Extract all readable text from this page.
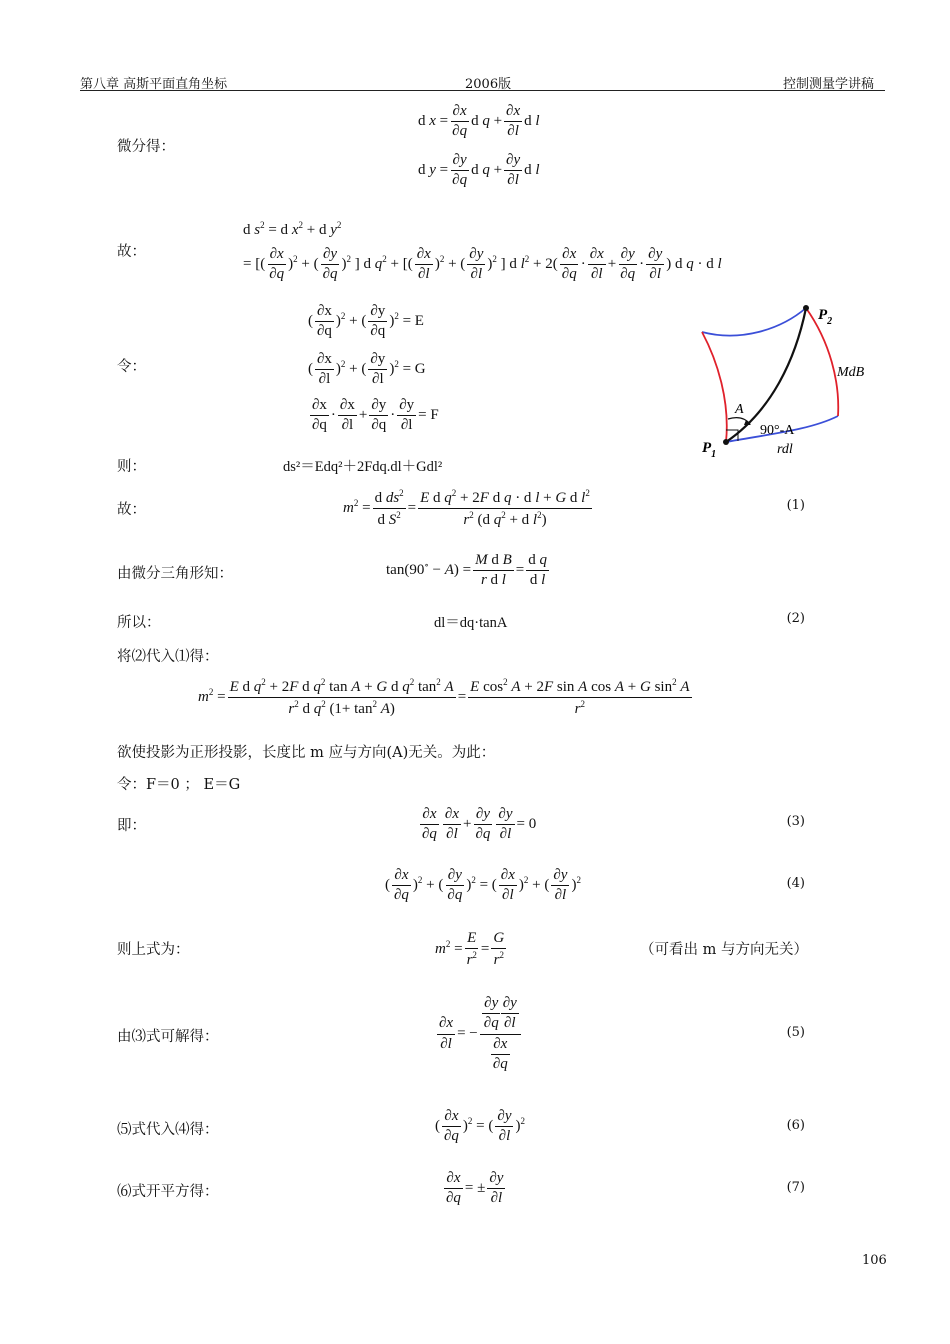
第八章 高斯平面直角坐标	2006版	控制测量学讲稿
微分得：
d $x = \frac{\partial x}{\partial q}$ d $q + \frac{\partial x}{\partial l}$ d l
d $y = \frac{\partial y}{\partial q}$ d $q + \frac{\partial y}{\partial l}$ d l
故：
d $s^2 = d$ $x^2 + d$ $y^2$
= [( $\frac{\partial x}{\partial q} )^2$ + ( $\frac{\partial y}{\partial q} )^2$ ] d $q^2$ + [( $\frac{\partial x}{\partial l} )^2$ + ( $\frac{\partial y}{\partial l} )^2$ ] d $l^2 + 2( \frac{\partial x}{\partial q} \cdot \frac{\partial x}{\partial l} + \frac{\partial y}{\partial q} \cdot \frac{\partial y}{\partial l}$ ) d q · d l
令：
( $\frac{\partial x}{\partial q} )^2$ + ( $\frac{\partial y}{\partial q} )^2 = E$
( $\frac{\partial x}{\partial l} )^2$ + ( $\frac{\partial y}{\partial l} )^2 = G$
$\frac{\partial x}{\partial q} \cdot \frac{\partial x}{\partial l} + \frac{\partial y}{\partial q} \cdot \frac{\partial y}{\partial l} = F$
$P_2$
$P_1$
A
90°-A
MdB
rdl
则：	ds²＝Edq²＋2Fdq.dl＋Gdl²
故：	$m^2 = \frac{d ds^2}{d S^2} = \frac{E d q^2 + 2F d q \cdot d l + G d l^2}{r^2 (d q^2 + d l^2)}$	(1)
由微分三角形知：	$\tan(90^\circ - A) = \frac{\text{M d B}}{\text{r d l}} = \frac{\text{d q}}{\text{d l}}$
所以：	dl＝dq·tanA	(2)
将⑵代入⑴得：
$m^2 = \frac{E d q^2 + 2F d q^2 \tan A + G d q^2 \tan^2 A}{r^2 d q^2 (1+ \tan^2 A)} = \frac{E \cos^2 A + 2F \sin A \cos A + G \sin^2 A}{r^2}$
欲使投影为正形投影，长度比 m 应与方向(A)无关。为此：
令：F＝0 ； E＝G
即：	$\frac{\partial x}{\partial q} \frac{\partial x}{\partial l} + \frac{\partial y}{\partial q} \frac{\partial y}{\partial l} = 0$	(3)
( $\frac{\partial x}{\partial q} )^2$ + ( $\frac{\partial y}{\partial q} )^2$ = ( $\frac{\partial x}{\partial l} )^2$ + ( $\frac{\partial y}{\partial l} )^2$	(4)
则上式为：	$m^2 = \frac{E}{r^2} = \frac{G}{r^2}$	（可看出 m 与方向无关）
由⑶式可解得：	$\frac{\partial x}{\partial l}$ = − $\frac{\frac{\partial y}{\partial q} \frac{\partial y}{\partial l}}{\frac{\partial x}{\partial q}}$	(5)
⑸式代入⑷得：	( $\frac{\partial x}{\partial q} )^2$ = ( $\frac{\partial y}{\partial l} )^2$	(6)
⑹式开平方得：	$\frac{\partial x}{\partial q}$ = ± $\frac{\partial y}{\partial l}$	(7)
106
